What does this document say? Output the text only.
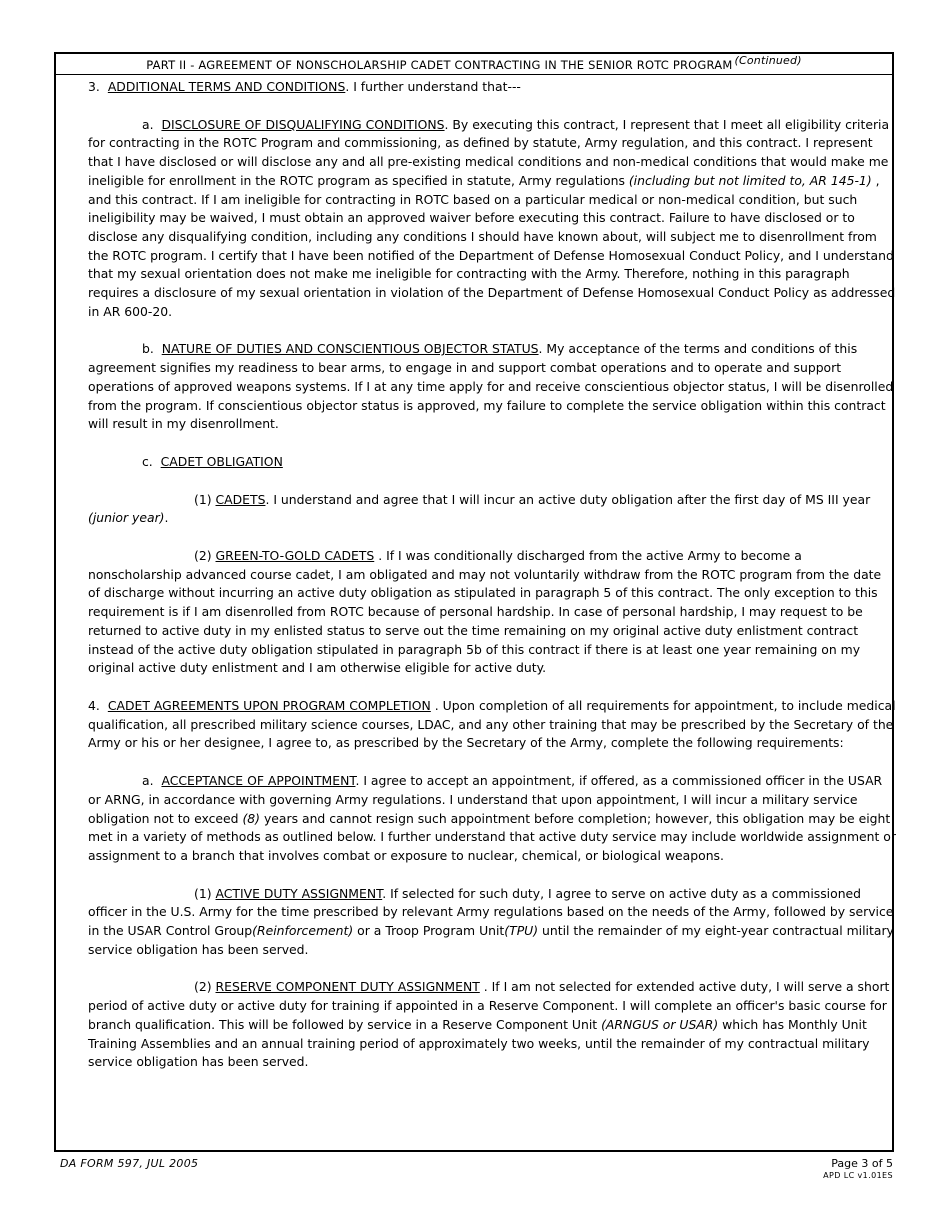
PART II - AGREEMENT OF NONSCHOLARSHIP CADET CONTRACTING IN THE SENIOR ROTC PROGRAM (Continued)

3. ADDITIONAL TERMS AND CONDITIONS. I further understand that---

a. DISCLOSURE OF DISQUALIFYING CONDITIONS. By executing this contract, I represent that I meet all eligibility criteria for contracting in the ROTC Program and commissioning, as defined by statute, Army regulation, and this contract. I represent that I have disclosed or will disclose any and all pre-existing medical conditions and non-medical conditions that would make me ineligible for enrollment in the ROTC program as specified in statute, Army regulations (including but not limited to, AR 145-1) , and this contract. If I am ineligible for contracting in ROTC based on a particular medical or non-medical condition, but such ineligibility may be waived, I must obtain an approved waiver before executing this contract. Failure to have disclosed or to disclose any disqualifying condition, including any conditions I should have known about, will subject me to disenrollment from the ROTC program. I certify that I have been notified of the Department of Defense Homosexual Conduct Policy, and I understand that my sexual orientation does not make me ineligible for contracting with the Army. Therefore, nothing in this paragraph requires a disclosure of my sexual orientation in violation of the Department of Defense Homosexual Conduct Policy as addressed in AR 600-20.

b. NATURE OF DUTIES AND CONSCIENTIOUS OBJECTOR STATUS. My acceptance of the terms and conditions of this agreement signifies my readiness to bear arms, to engage in and support combat operations and to operate and support operations of approved weapons systems. If I at any time apply for and receive conscientious objector status, I will be disenrolled from the program. If conscientious objector status is approved, my failure to complete the service obligation within this contract will result in my disenrollment.

c. CADET OBLIGATION

(1) CADETS. I understand and agree that I will incur an active duty obligation after the first day of MS III year (junior year).

(2) GREEN-TO-GOLD CADETS . If I was conditionally discharged from the active Army to become a nonscholarship advanced course cadet, I am obligated and may not voluntarily withdraw from the ROTC program from the date of discharge without incurring an active duty obligation as stipulated in paragraph 5 of this contract. The only exception to this requirement is if I am disenrolled from ROTC because of personal hardship. In case of personal hardship, I may request to be returned to active duty in my enlisted status to serve out the time remaining on my original active duty enlistment contract instead of the active duty obligation stipulated in paragraph 5b of this contract if there is at least one year remaining on my original active duty enlistment and I am otherwise eligible for active duty.

4. CADET AGREEMENTS UPON PROGRAM COMPLETION . Upon completion of all requirements for appointment, to include medical qualification, all prescribed military science courses, LDAC, and any other training that may be prescribed by the Secretary of the Army or his or her designee, I agree to, as prescribed by the Secretary of the Army, complete the following requirements:

a. ACCEPTANCE OF APPOINTMENT. I agree to accept an appointment, if offered, as a commissioned officer in the USAR or ARNG, in accordance with governing Army regulations. I understand that upon appointment, I will incur a military service obligation not to exceed (8) years and cannot resign such appointment before completion; however, this obligation may be eight met in a variety of methods as outlined below. I further understand that active duty service may include worldwide assignment or assignment to a branch that involves combat or exposure to nuclear, chemical, or biological weapons.

(1) ACTIVE DUTY ASSIGNMENT. If selected for such duty, I agree to serve on active duty as a commissioned officer in the U.S. Army for the time prescribed by relevant Army regulations based on the needs of the Army, followed by service in the USAR Control Group(Reinforcement) or a Troop Program Unit(TPU) until the remainder of my eight-year contractual military service obligation has been served.

(2) RESERVE COMPONENT DUTY ASSIGNMENT . If I am not selected for extended active duty, I will serve a short period of active duty or active duty for training if appointed in a Reserve Component. I will complete an officer's basic course for branch qualification. This will be followed by service in a Reserve Component Unit (ARNGUS or USAR) which has Monthly Unit Training Assemblies and an annual training period of approximately two weeks, until the remainder of my contractual military service obligation has been served.

DA FORM 597, JUL 2005	Page 3 of 5
APD LC v1.01ES
